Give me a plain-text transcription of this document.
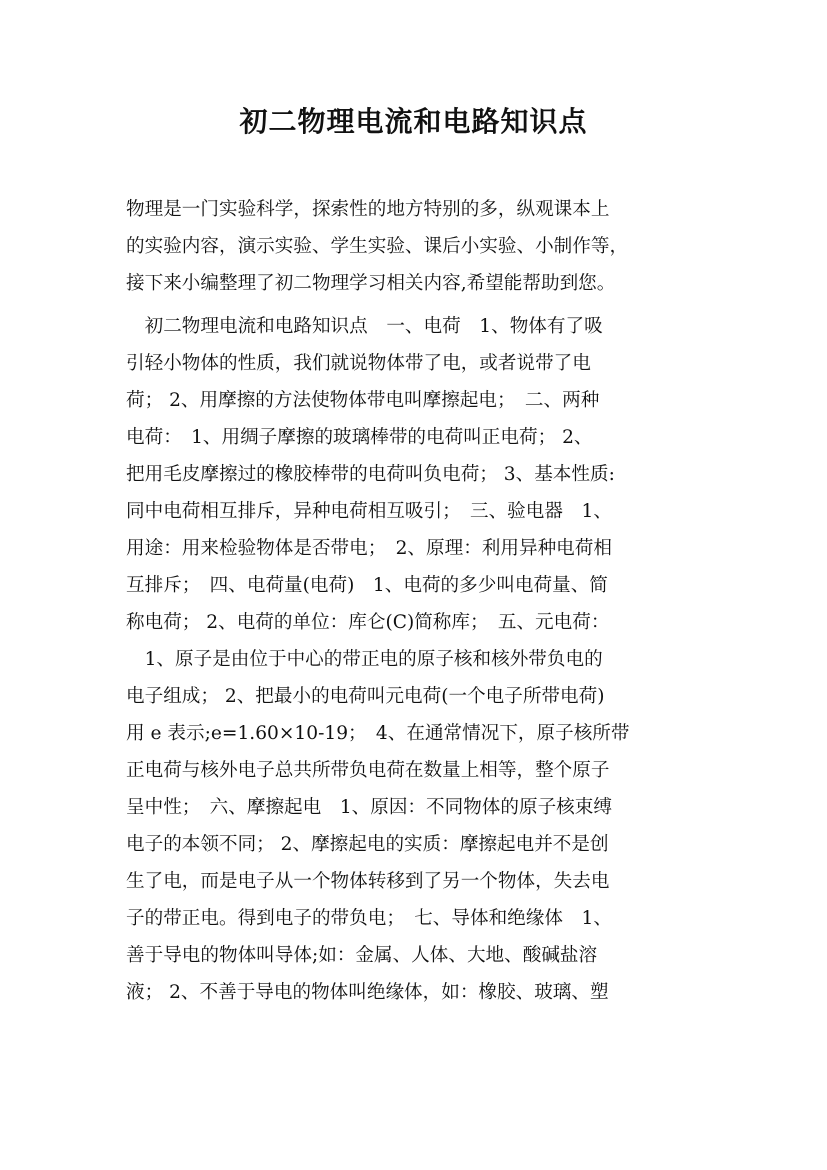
初二物理电流和电路知识点
物理是一门实验科学，探索性的地方特别的多，纵观课本上
的实验内容，演示实验、学生实验、课后小实验、小制作等，
接下来小编整理了初二物理学习相关内容,希望能帮助到您。
　初二物理电流和电路知识点　一、电荷　1、物体有了吸
引轻小物体的性质，我们就说物体带了电，或者说带了电
荷； 2、用摩擦的方法使物体带电叫摩擦起电；　二、两种
电荷：　1、用绸子摩擦的玻璃棒带的电荷叫正电荷； 2、
把用毛皮摩擦过的橡胶棒带的电荷叫负电荷； 3、基本性质:
同中电荷相互排斥，异种电荷相互吸引；　三、验电器　1、
用途：用来检验物体是否带电；　2、原理：利用异种电荷相
互排斥；　四、电荷量(电荷)　1、电荷的多少叫电荷量、简
称电荷； 2、电荷的单位：库仑(C)简称库；　五、元电荷：
　1、原子是由位于中心的带正电的原子核和核外带负电的
电子组成； 2、把最小的电荷叫元电荷(一个电子所带电荷)
用 e 表示;e=1.60×10-19；　4、在通常情况下，原子核所带
正电荷与核外电子总共所带负电荷在数量上相等，整个原子
呈中性；　六、摩擦起电　1、原因：不同物体的原子核束缚
电子的本领不同； 2、摩擦起电的实质：摩擦起电并不是创
生了电，而是电子从一个物体转移到了另一个物体，失去电
子的带正电。得到电子的带负电；　七、导体和绝缘体　1、
善于导电的物体叫导体;如：金属、人体、大地、酸碱盐溶
液； 2、不善于导电的物体叫绝缘体，如：橡胶、玻璃、塑
